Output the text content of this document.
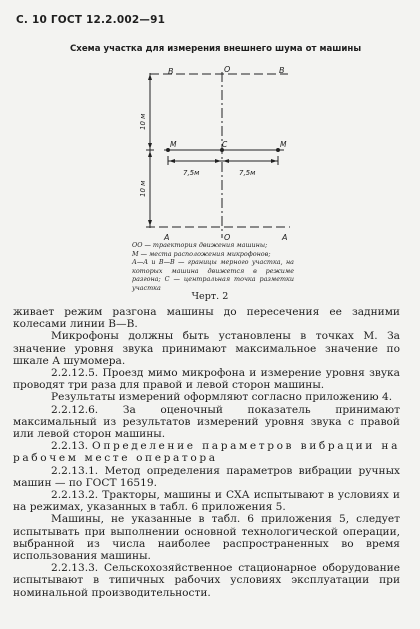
С. 10 ГОСТ 12.2.002—91
Схема участка для измерения внешнего шума от машины
В	О	В
А	О	А
М	С	М
7,5м	7,5м
10 м
10 м

ОО — траектория движения машины;

М — места расположения микрофонов;

А—А и В—В — границы мерного участка, на которых машина движется в режиме разгона; С — центральная точка разметки участка

Черт. 2

живает режим разгона машины до пересечения ее задними колесами линии В—В.

Микрофоны должны быть установлены в точках М. За значение уровня звука принимают максимальное значение по шкале А шумомера.

2.2.12.5. Проезд мимо микрофона и измерение уровня звука проводят три раза для правой и левой сторон машины.

Результаты измерений оформляют согласно приложению 4.

2.2.12.6. За оценочный показатель принимают максимальный из результатов измерений уровня звука с правой или левой сторон машины.

2.2.13. Определение параметров вибрации на рабочем месте оператора

2.2.13.1. Метод определения параметров вибрации ручных машин — по ГОСТ 16519.

2.2.13.2. Тракторы, машины и СХА испытывают в условиях и на режимах, указанных в табл. 6 приложения 5.

Машины, не указанные в табл. 6 приложения 5, следует испытывать при выполнении основной технологической операции, выбранной из числа наиболее распространенных во время использования машины.

2.2.13.3. Сельскохозяйственное стационарное оборудование испытывают в типичных рабочих условиях эксплуатации при номинальной производительности.
